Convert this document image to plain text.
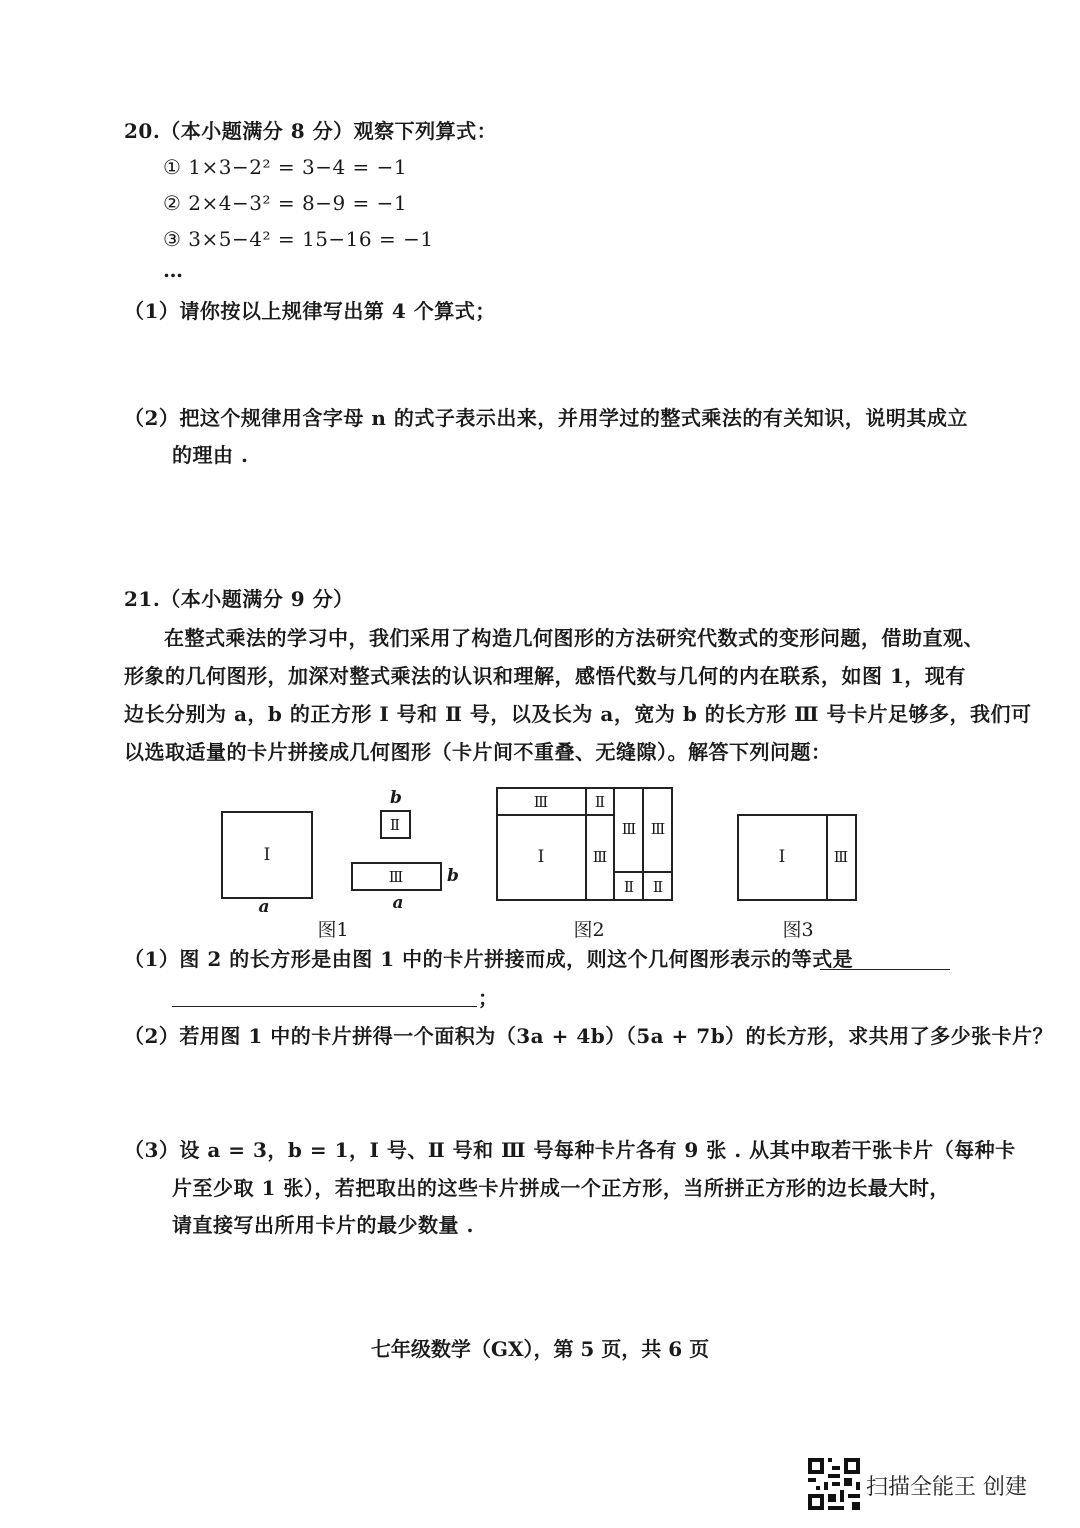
20.（本小题满分 8 分）观察下列算式：
① 1×3−2² = 3−4 = −1
② 2×4−3² = 8−9 = −1
③ 3×5−4² = 15−16 = −1
…
（1）请你按以上规律写出第 4 个算式；
（2）把这个规律用含字母 n 的式子表示出来，并用学过的整式乘法的有关知识，说明其成立
的理由 .
21.（本小题满分 9 分）
在整式乘法的学习中，我们采用了构造几何图形的方法研究代数式的变形问题，借助直观、
形象的几何图形，加深对整式乘法的认识和理解，感悟代数与几何的内在联系，如图 1，现有
边长分别为 a，b 的正方形 Ⅰ 号和 Ⅱ 号，以及长为 a，宽为 b 的长方形 Ⅲ 号卡片足够多，我们可
以选取适量的卡片拼接成几何图形（卡片间不重叠、无缝隙）。解答下列问题：
Ⅰ
a
b
Ⅱ
Ⅲ	b
a
Ⅲ	Ⅱ
Ⅰ	Ⅲ
Ⅲ Ⅲ
Ⅱ Ⅱ
Ⅰ	Ⅲ
图1	图2	图3
（1）图 2 的长方形是由图 1 中的卡片拼接而成，则这个几何图形表示的等式是
；
（2）若用图 1 中的卡片拼得一个面积为（3a + 4b）（5a + 7b）的长方形，求共用了多少张卡片？
（3）设 a = 3，b = 1，Ⅰ 号、Ⅱ 号和 Ⅲ 号每种卡片各有 9 张 . 从其中取若干张卡片（每种卡
片至少取 1 张），若把取出的这些卡片拼成一个正方形，当所拼正方形的边长最大时，
请直接写出所用卡片的最少数量 .
七年级数学（GX），第 5 页，共 6 页
扫描全能王 创建
